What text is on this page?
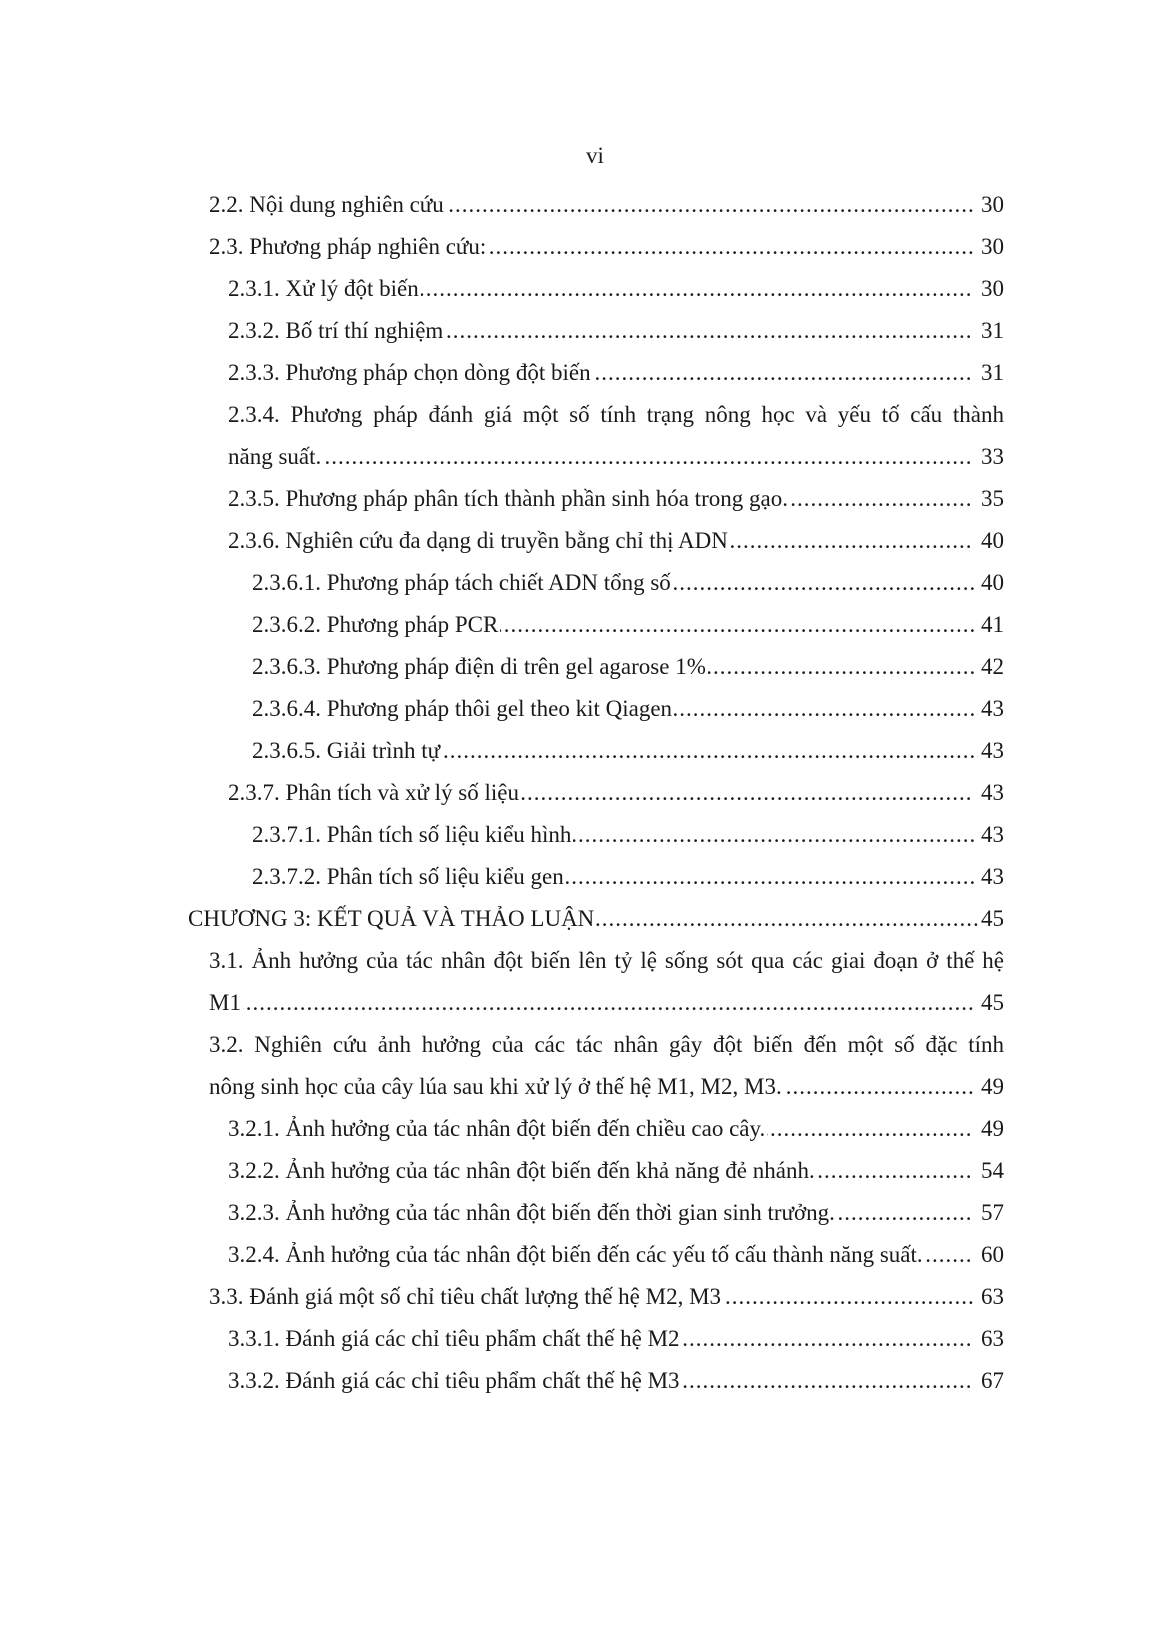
vi
.....
2.2. Nội dung nghiên cứu	30
.....
2.3. Phương pháp nghiên cứu:	30
.....
2.3.1. Xử lý đột biến	30
.....
2.3.2. Bố trí thí nghiệm	31
.....
2.3.3. Phương pháp chọn dòng đột biến	31
2.3.4. Phương pháp đánh giá một số tính trạng nông học và yếu tố cấu thành
.....
năng suất.	33
.....
2.3.5. Phương pháp phân tích thành phần sinh hóa trong gạo.	35
.....
2.3.6. Nghiên cứu đa dạng di truyền bằng chỉ thị ADN	40
.....
2.3.6.1. Phương pháp tách chiết ADN tổng số	40
.....
2.3.6.2. Phương pháp PCR	41
.....
2.3.6.3. Phương pháp điện di trên gel agarose 1%	42
.....
2.3.6.4. Phương pháp thôi gel theo kit Qiagen	43
.....
2.3.6.5. Giải trình tự	43
.....
2.3.7. Phân tích và xử lý số liệu	43
.....
2.3.7.1. Phân tích số liệu kiểu hình	43
.....
2.3.7.2. Phân tích số liệu kiểu gen	43
.....
CHƯƠNG 3: KẾT QUẢ VÀ THẢO LUẬN	45
3.1. Ảnh hưởng của tác nhân đột biến lên tỷ lệ sống sót qua các giai đoạn ở thế hệ
.....
M1	45
3.2. Nghiên cứu ảnh hưởng của các tác nhân gây đột biến đến một số đặc tính
.....
nông sinh học của cây lúa sau khi xử lý ở thế hệ M1, M2, M3.	49
.....
3.2.1. Ảnh hưởng của tác nhân đột biến đến chiều cao cây.	49
.....
3.2.2. Ảnh hưởng của tác nhân đột biến đến khả năng đẻ nhánh.	54
.....
3.2.3. Ảnh hưởng của tác nhân đột biến đến thời gian sinh trưởng.	57
.....
3.2.4. Ảnh hưởng của tác nhân đột biến đến các yếu tố cấu thành năng suất.	60
.....
3.3. Đánh giá một số chỉ tiêu chất lượng thế hệ M2, M3	63
.....
3.3.1. Đánh giá các chỉ tiêu phẩm chất thế hệ M2	63
.....
3.3.2. Đánh giá các chỉ tiêu phẩm chất thế hệ M3	67
